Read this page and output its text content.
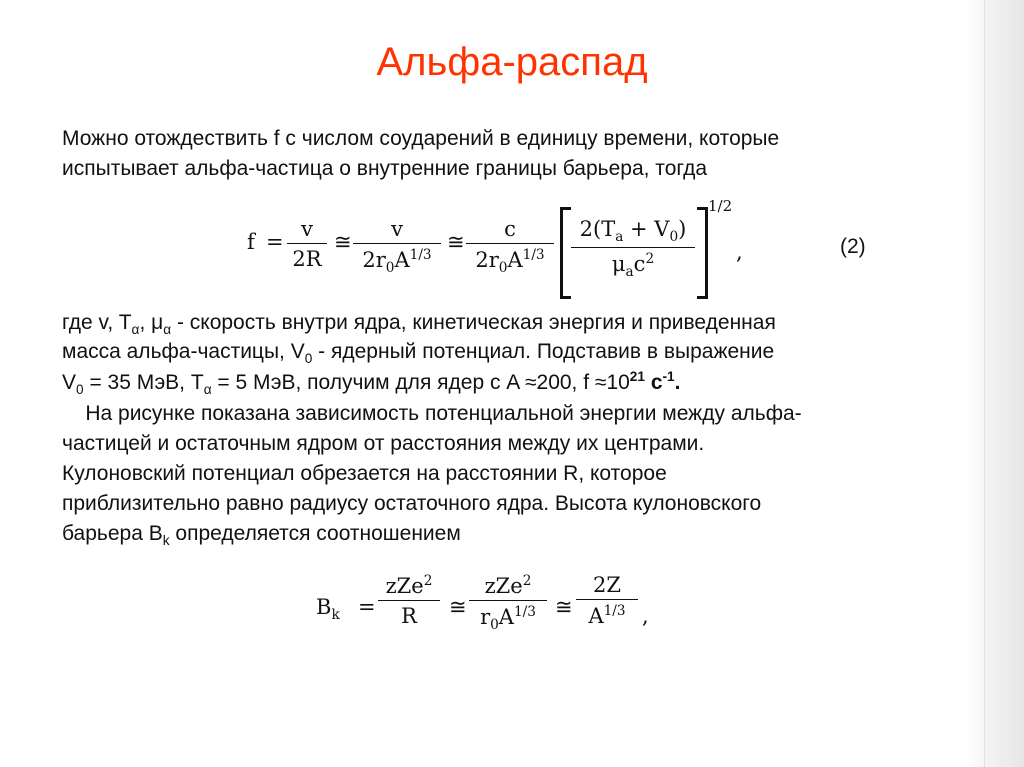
Альфа-распад
Можно отождествить f с числом соударений в единицу времени, которые
испытывает альфа-частица о внутренние границы барьера, тогда
$f = \frac{v}{2R}$ ≅ $\frac{v}{2r_0A^{1/3}}$ ≅ $\frac{c}{2r_0A^{1/3}}$	$2(T_a + V_0)$
$\mu_ac^2$
1/2
,	(2)
где v, $T_\alpha$, $\mu_\alpha$ - скорость внутри ядра, кинетическая энергия и приведенная
масса альфа-частицы, $V_0$ - ядерный потенциал. Подставив в выражение
$V_0 = 35$ МэВ, $T_\alpha = 5$ МэВ, получим для ядер с A ≈200, $f \approx 10^{21}$ $c^{-1}$.
На рисунке показана зависимость потенциальной энергии между альфа-
частицей и остаточным ядром от расстояния между их центрами.
Кулоновский потенциал обрезается на расстоянии R, которое
приблизительно равно радиусу остаточного ядра. Высота кулоновского
барьера $B_k$ определяется соотношением
$B_k$ =
zZe$^2$
R	≅
zZe$^2$
$r_0A^{1/3}$ ≅ $\frac{2Z}{A^{1/3}}$ ,
